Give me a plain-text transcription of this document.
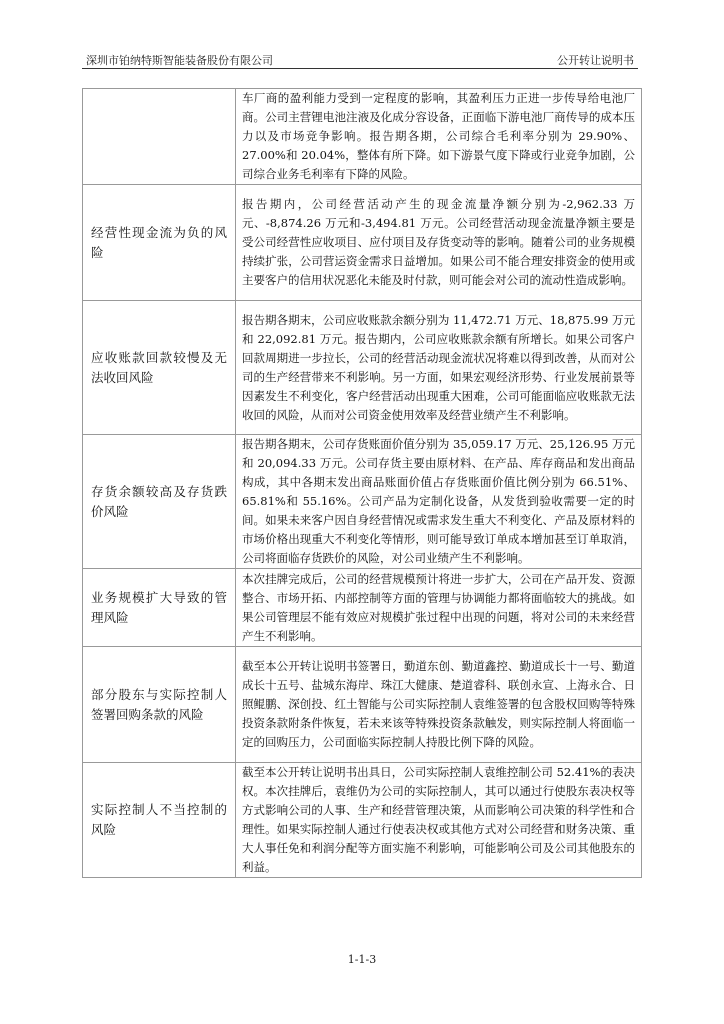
深圳市铂纳特斯智能装备股份有限公司	公开转让说明书
	车厂商的盈利能力受到一定程度的影响，其盈利压力正进一步传导给电池厂商。公司主营锂电池注液及化成分容设备，正面临下游电池厂商传导的成本压力以及市场竞争影响。报告期各期，公司综合毛利率分别为 29.90%、27.00%和 20.04%，整体有所下降。如下游景气度下降或行业竞争加剧，公司综合业务毛利率有下降的风险。
经营性现金流为负的风险	报告期内，公司经营活动产生的现金流量净额分别为-2,962.33 万元、-8,874.26 万元和-3,494.81 万元。公司经营活动现金流量净额主要是受公司经营性应收项目、应付项目及存货变动等的影响。随着公司的业务规模持续扩张，公司营运资金需求日益增加。如果公司不能合理安排资金的使用或主要客户的信用状况恶化未能及时付款，则可能会对公司的流动性造成影响。
应收账款回款较慢及无法收回风险	报告期各期末，公司应收账款余额分别为 11,472.71 万元、18,875.99 万元和 22,092.81 万元。报告期内，公司应收账款余额有所增长。如果公司客户回款周期进一步拉长，公司的经营活动现金流状况将难以得到改善，从而对公司的生产经营带来不利影响。另一方面，如果宏观经济形势、行业发展前景等因素发生不利变化，客户经营活动出现重大困难，公司可能面临应收账款无法收回的风险，从而对公司资金使用效率及经营业绩产生不利影响。
存货余额较高及存货跌价风险	报告期各期末，公司存货账面价值分别为 35,059.17 万元、25,126.95 万元和 20,094.33 万元。公司存货主要由原材料、在产品、库存商品和发出商品构成，其中各期末发出商品账面价值占存货账面价值比例分别为 66.51%、65.81%和 55.16%。公司产品为定制化设备，从发货到验收需要一定的时间。如果未来客户因自身经营情况或需求发生重大不利变化、产品及原材料的市场价格出现重大不利变化等情形，则可能导致订单成本增加甚至订单取消，公司将面临存货跌价的风险，对公司业绩产生不利影响。
业务规模扩大导致的管理风险	本次挂牌完成后，公司的经营规模预计将进一步扩大，公司在产品开发、资源整合、市场开拓、内部控制等方面的管理与协调能力都将面临较大的挑战。如果公司管理层不能有效应对规模扩张过程中出现的问题，将对公司的未来经营产生不利影响。
部分股东与实际控制人签署回购条款的风险	截至本公开转让说明书签署日，勤道东创、勤道鑫控、勤道成长十一号、勤道成长十五号、盐城东海岸、珠江大健康、楚道睿科、联创永宣、上海永合、日照鲲鹏、深创投、红土智能与公司实际控制人袁维签署的包含股权回购等特殊投资条款附条件恢复，若未来该等特殊投资条款触发，则实际控制人将面临一定的回购压力，公司面临实际控制人持股比例下降的风险。
实际控制人不当控制的风险	截至本公开转让说明书出具日，公司实际控制人袁维控制公司 52.41%的表决权。本次挂牌后，袁维仍为公司的实际控制人，其可以通过行使股东表决权等方式影响公司的人事、生产和经营管理决策，从而影响公司决策的科学性和合理性。如果实际控制人通过行使表决权或其他方式对公司经营和财务决策、重大人事任免和利润分配等方面实施不利影响，可能影响公司及公司其他股东的利益。
1-1-3
